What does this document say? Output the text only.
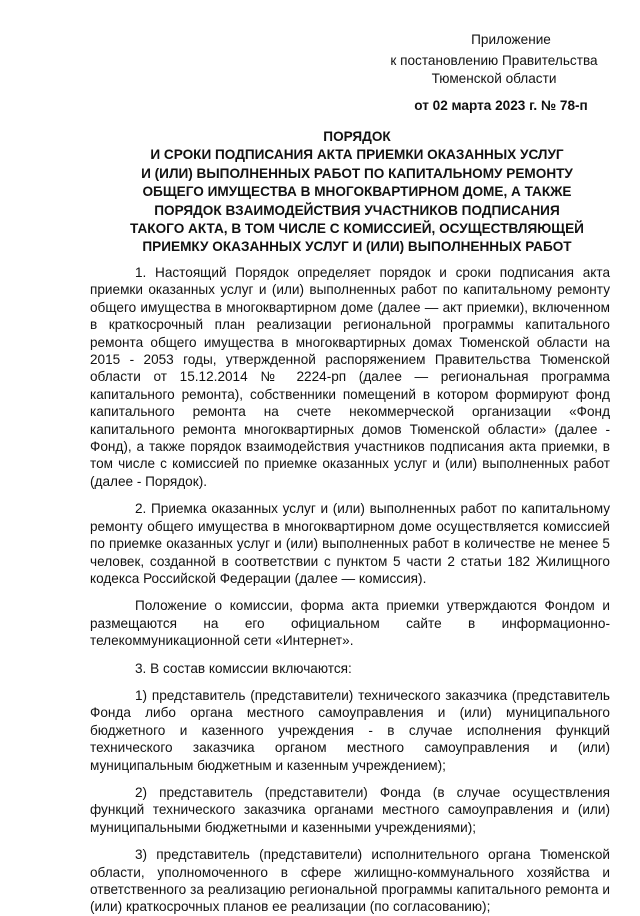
Приложение
к постановлению Правительства
Тюменской области
от 02 марта 2023 г. № 78-п
ПОРЯДОК
И СРОКИ ПОДПИСАНИЯ АКТА ПРИЕМКИ ОКАЗАННЫХ УСЛУГ
И (ИЛИ) ВЫПОЛНЕННЫХ РАБОТ ПО КАПИТАЛЬНОМУ РЕМОНТУ
ОБЩЕГО ИМУЩЕСТВА В МНОГОКВАРТИРНОМ ДОМЕ, А ТАКЖЕ
ПОРЯДОК ВЗАИМОДЕЙСТВИЯ УЧАСТНИКОВ ПОДПИСАНИЯ
ТАКОГО АКТА, В ТОМ ЧИСЛЕ С КОМИССИЕЙ, ОСУЩЕСТВЛЯЮЩЕЙ
ПРИЕМКУ ОКАЗАННЫХ УСЛУГ И (ИЛИ) ВЫПОЛНЕННЫХ РАБОТ

1. Настоящий Порядок определяет порядок и сроки подписания акта приемки оказанных услуг и (или) выполненных работ по капитальному ремонту общего имущества в многоквартирном доме (далее — акт приемки), включенном в краткосрочный план реализации региональной программы капитального ремонта общего имущества в многоквартирных домах Тюменской области на 2015 - 2053 годы, утвержденной распоряжением Правительства Тюменской области от 15.12.2014 № 2224-рп (далее — региональная программа капитального ремонта), собственники помещений в котором формируют фонд капитального ремонта на счете некоммерческой организации «Фонд капитального ремонта многоквартирных домов Тюменской области» (далее - Фонд), а также порядок взаимодействия участников подписания акта приемки, в том числе с комиссией по приемке оказанных услуг и (или) выполненных работ (далее - Порядок).

2. Приемка оказанных услуг и (или) выполненных работ по капитальному ремонту общего имущества в многоквартирном доме осуществляется комиссией по приемке оказанных услуг и (или) выполненных работ в количестве не менее 5 человек, созданной в соответствии с пунктом 5 части 2 статьи 182 Жилищного кодекса Российской Федерации (далее — комиссия).

Положение о комиссии, форма акта приемки утверждаются Фондом и размещаются на его официальном сайте в информационно-телекоммуникационной сети «Интернет».

3. В состав комиссии включаются:

1) представитель (представители) технического заказчика (представитель Фонда либо органа местного самоуправления и (или) муниципального бюджетного и казенного учреждения - в случае исполнения функций технического заказчика органом местного самоуправления и (или) муниципальным бюджетным и казенным учреждением);

2) представитель (представители) Фонда (в случае осуществления функций технического заказчика органами местного самоуправления и (или) муниципальными бюджетными и казенными учреждениями);

3) представитель (представители) исполнительного органа Тюменской области, уполномоченного в сфере жилищно-коммунального хозяйства и ответственного за реализацию региональной программы капитального ремонта и (или) краткосрочных планов ее реализации (по согласованию);
